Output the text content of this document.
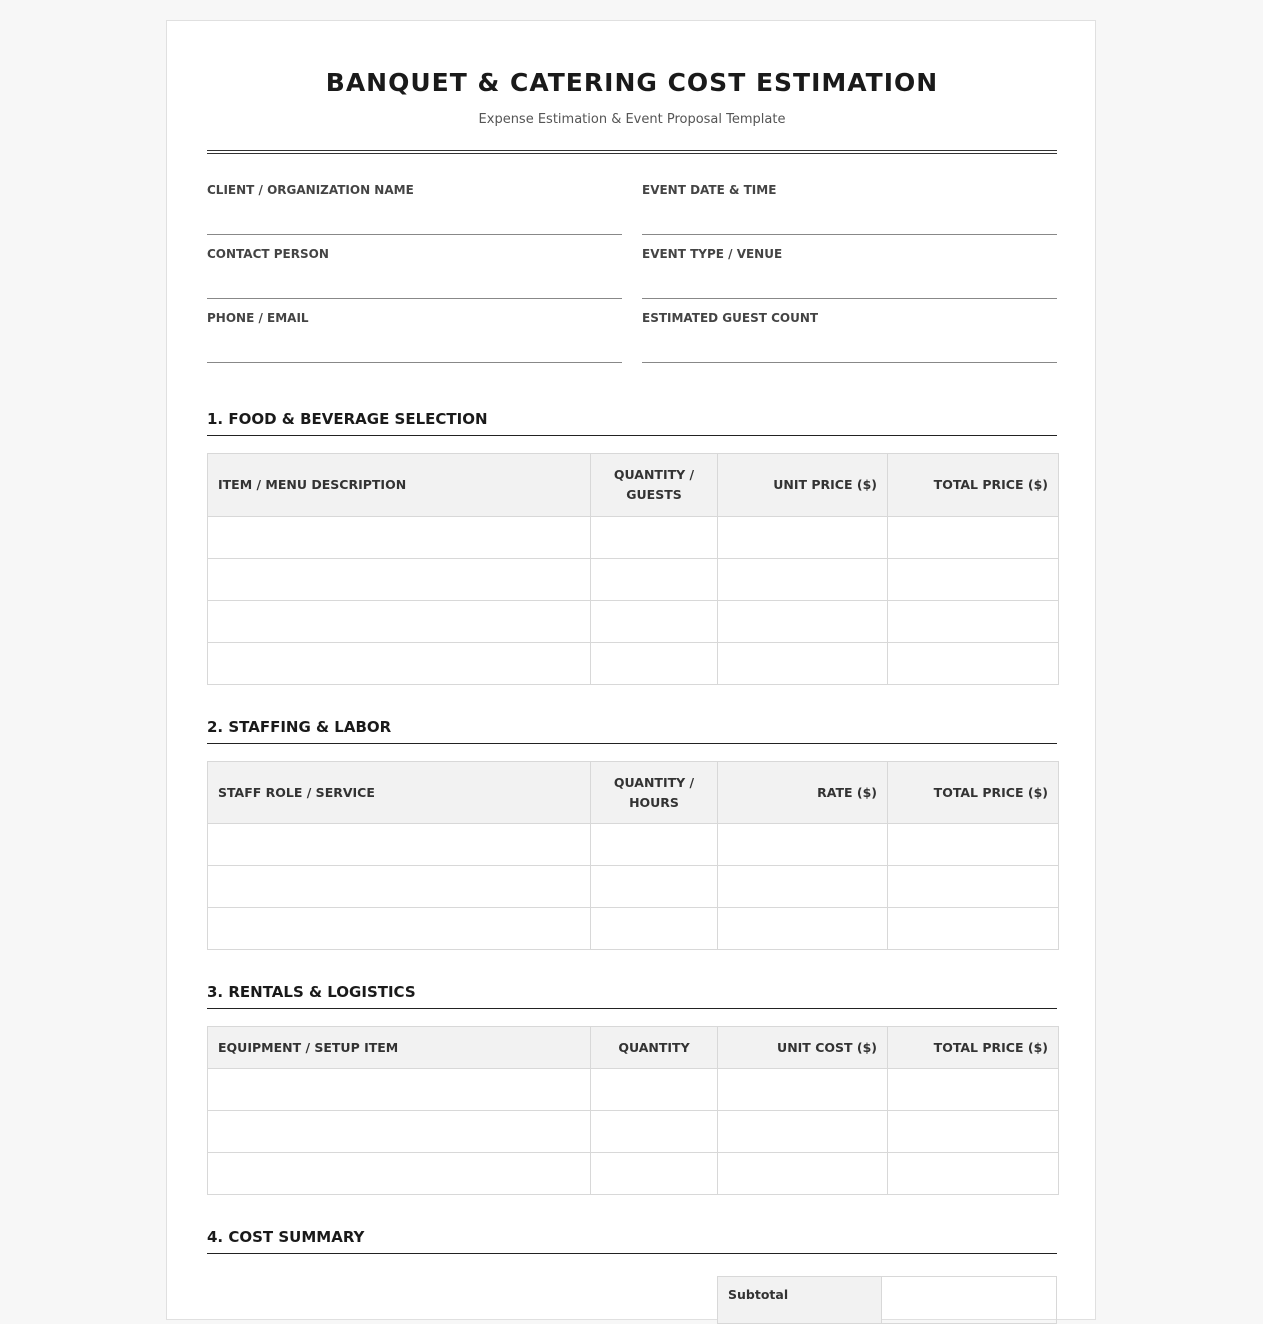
BANQUET & CATERING COST ESTIMATION
Expense Estimation & Event Proposal Template
CLIENT / ORGANIZATION NAME	EVENT DATE & TIME
CONTACT PERSON	EVENT TYPE / VENUE
PHONE / EMAIL	ESTIMATED GUEST COUNT
1. FOOD & BEVERAGE SELECTION
ITEM / MENU DESCRIPTION	QUANTITY / GUESTS	UNIT PRICE ($)	TOTAL PRICE ($)

2. STAFFING & LABOR
STAFF ROLE / SERVICE	QUANTITY / HOURS	RATE ($)	TOTAL PRICE ($)

3. RENTALS & LOGISTICS
EQUIPMENT / SETUP ITEM	QUANTITY	UNIT COST ($)	TOTAL PRICE ($)

4. COST SUMMARY
Subtotal	
